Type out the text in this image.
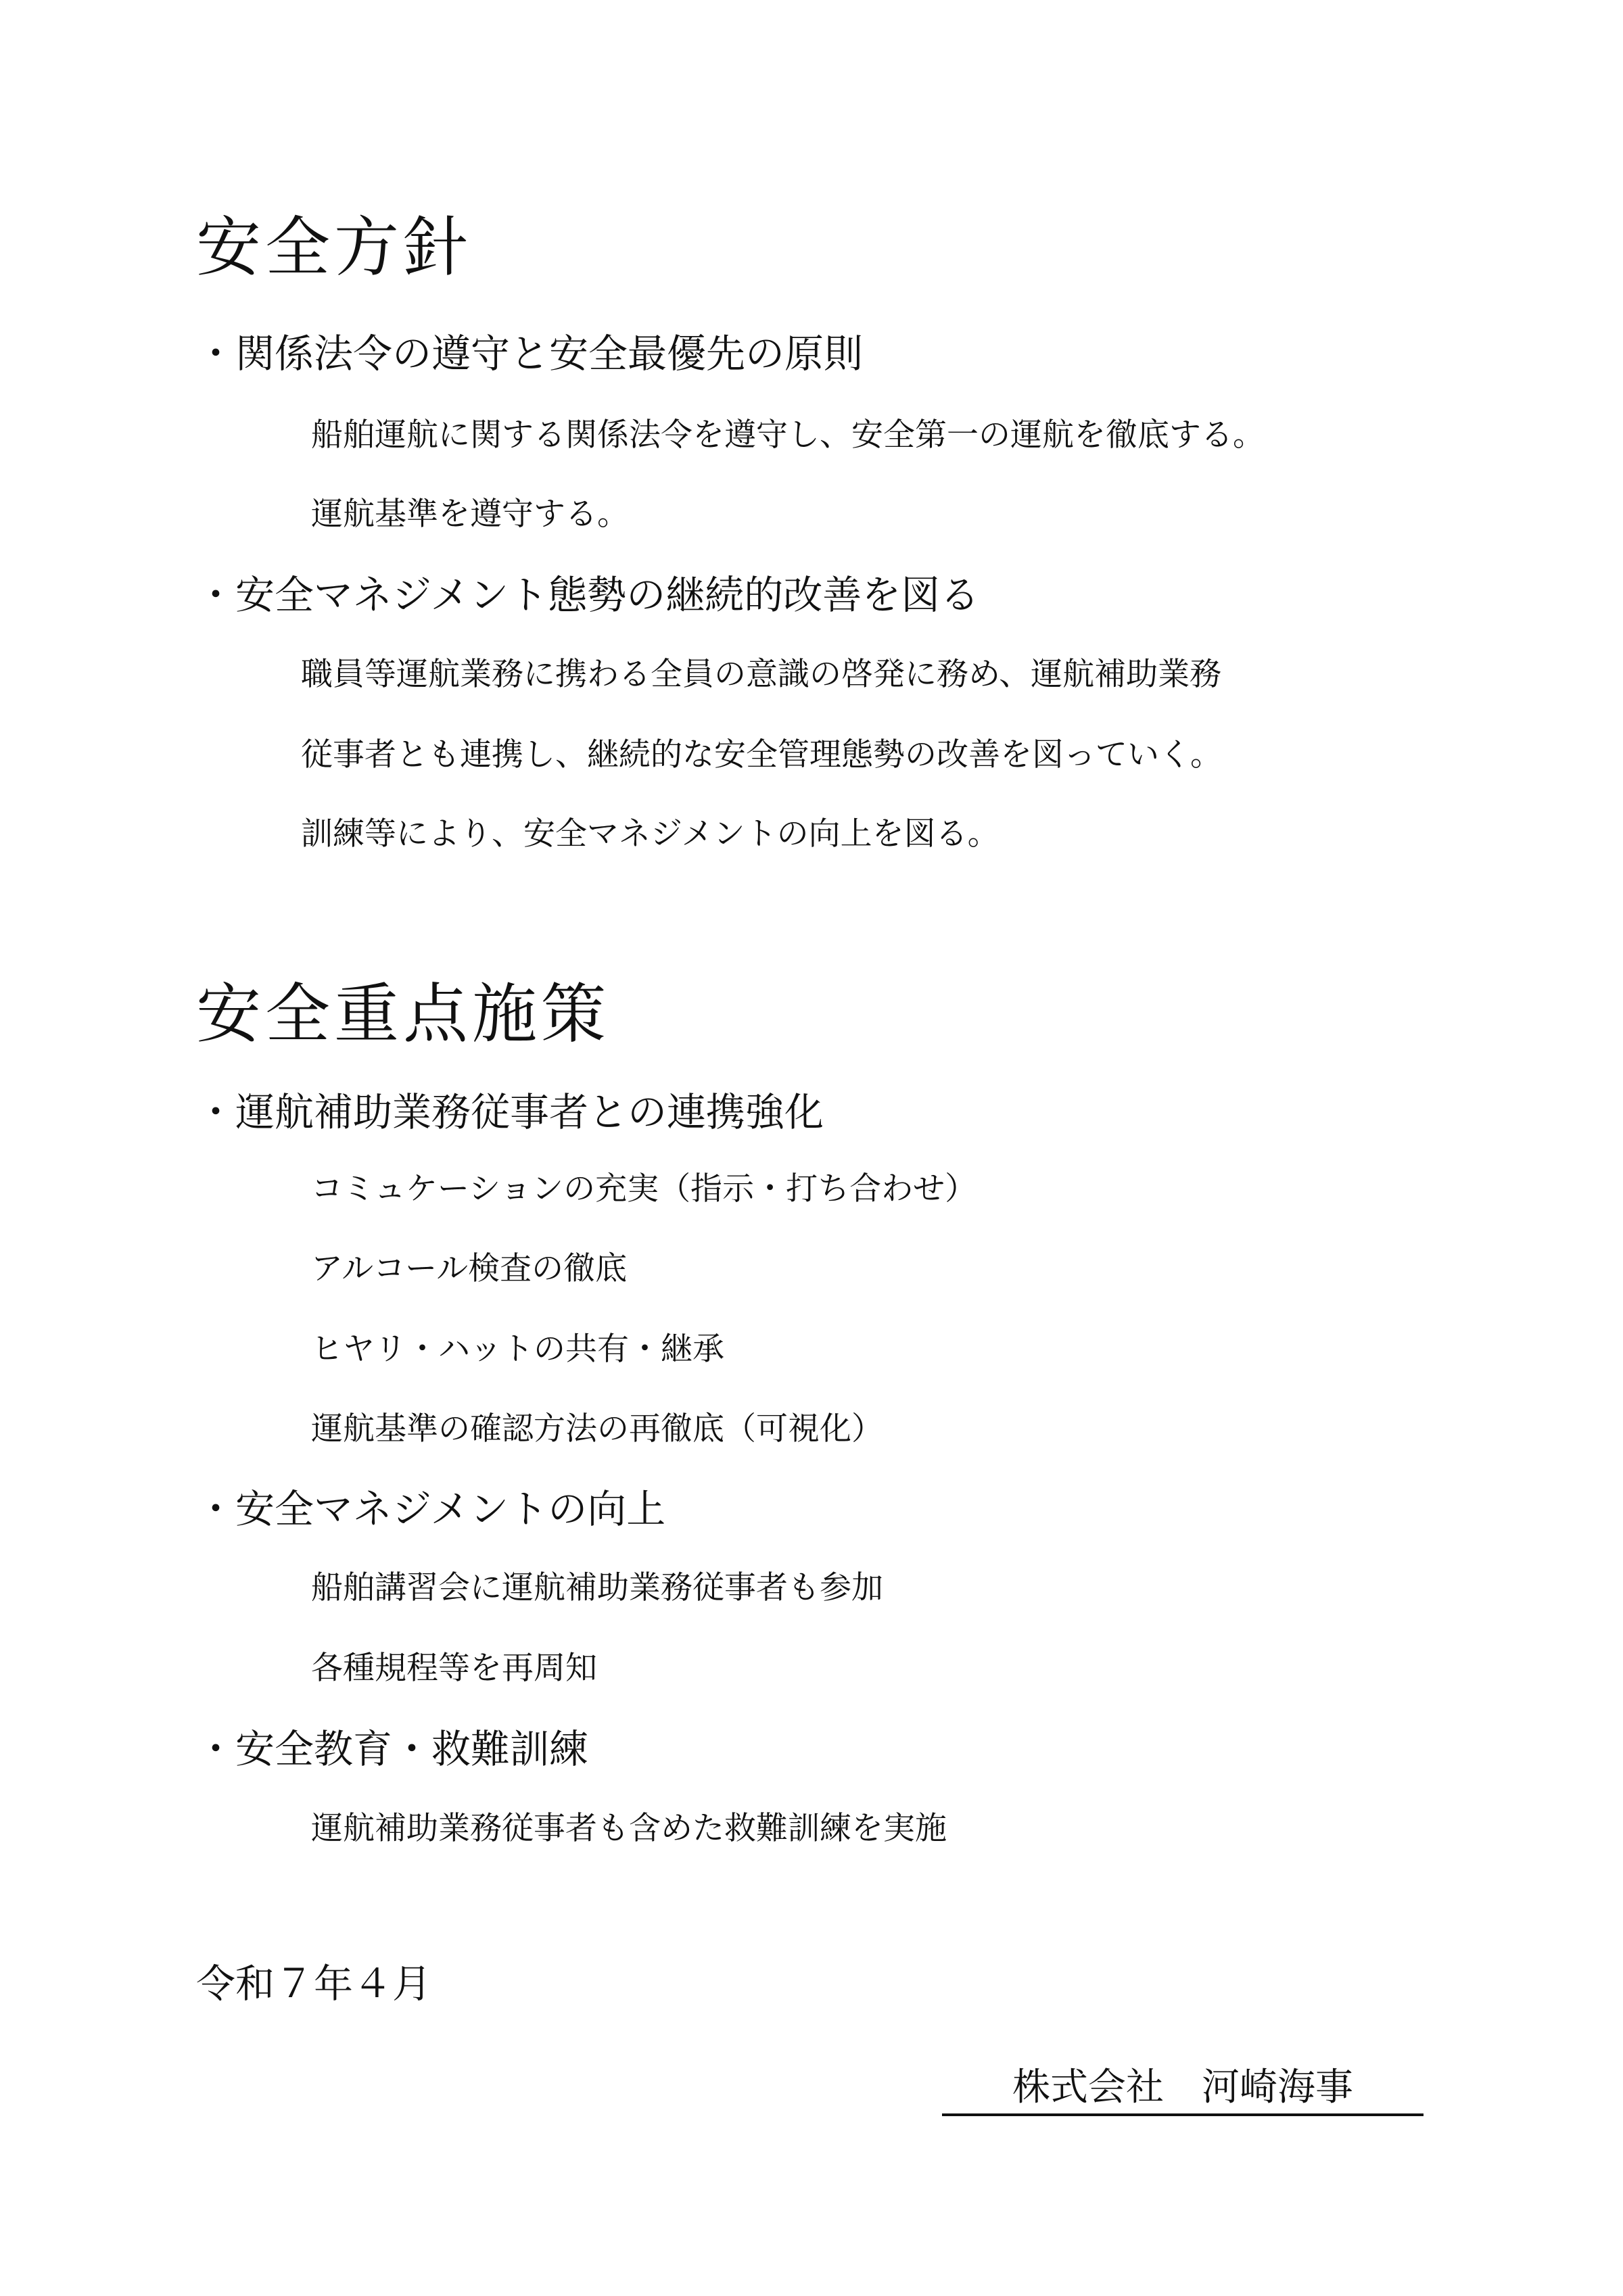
安全方針
・関係法令の遵守と安全最優先の原則
船舶運航に関する関係法令を遵守し、安全第一の運航を徹底する。
運航基準を遵守する。
・安全マネジメント態勢の継続的改善を図る
職員等運航業務に携わる全員の意識の啓発に務め、運航補助業務
従事者とも連携し、継続的な安全管理態勢の改善を図っていく。
訓練等により、安全マネジメントの向上を図る。
安全重点施策
・運航補助業務従事者との連携強化
コミュケーションの充実（指示・打ち合わせ）
アルコール検査の徹底
ヒヤリ・ハットの共有・継承
運航基準の確認方法の再徹底（可視化）
・安全マネジメントの向上
船舶講習会に運航補助業務従事者も参加
各種規程等を再周知
・安全教育・救難訓練
運航補助業務従事者も含めた救難訓練を実施
令和７年４月
株式会社　河崎海事
